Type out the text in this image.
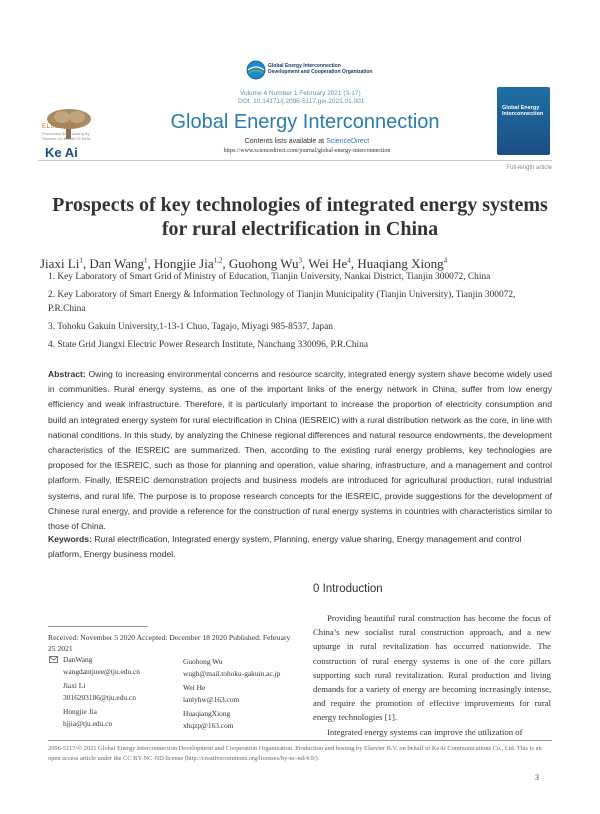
Global Energy Interconnection
Development and Cooperation Organization
ELSEVIER
Production And Hosting By Elsevier On Behalf Of KeAi
Ke Ai
Volume 4 Number 1 February 2021 (3-17)
DOI: 10.14171/j.2096-5117.gei.2021.01.001
Global Energy Interconnection
Contents lists available at ScienceDirect
https://www.sciencedirect.com/journal/global-energy-interconnection
Global Energy Interconnection
Full-length article
Prospects of key technologies of integrated energy systems
for rural electrification in China
Jiaxi Li$^1$, Dan Wang$^1$, Hongjie Jia$^{1,2}$, Guohong Wu$^3$, Wei He$^4$, Huaqiang Xiong$^4$
1. Key Laboratory of Smart Grid of Ministry of Education, Tianjin University, Nankai District, Tianjin 300072, China
2. Key Laboratory of Smart Energy & Information Technology of Tianjin Municipality (Tianjin University), Tianjin 300072, P.R.China
3. Tohoku Gakuin University,1-13-1 Chuo, Tagajo, Miyagi 985-8537, Japan
4. State Grid Jiangxi Electric Power Research Institute, Nanchang 330096, P.R.China
Abstract: Owing to increasing environmental concerns and resource scarcity, integrated energy system shave become widely used in communities. Rural energy systems, as one of the important links of the energy network in China, suffer from low energy efficiency and weak infrastructure. Therefore, it is particularly important to increase the proportion of electricity consumption and build an integrated energy system for rural electrification in China (IESREIC) with a rural distribution network as the core, in line with national conditions. In this study, by analyzing the Chinese regional differences and natural resource endowments, the development characteristics of the IESREIC are summarized. Then, according to the existing rural energy problems, key technologies are proposed for the IESREIC, such as those for planning and operation, value sharing, infrastructure, and a management and control platform. Finally, IESREIC demonstration projects and business models are introduced for agricultural production, rural industrial systems, and rural life. The purpose is to propose research concepts for the IESREIC, provide suggestions for the development of Chinese rural energy, and provide a reference for the construction of rural energy systems in countries with characteristics similar to those of China.
Keywords: Rural electrification, Integrated energy system, Planning, energy value sharing, Energy management and control platform, Energy business model.
0 Introduction
Providing beautiful rural construction has become the focus of China’s new socialist rural construction approach, and a new upsurge in rural revitalization has occurred nationwide. The construction of rural energy systems is one of the core pillars supporting such rural revitalization. Rural production and living demands for a variety of energy are becoming increasingly intense, and require the promotion of effective improvements for rural energy technologies [1].
Integrated energy systems can improve the utilization of
Received: November 5 2020 Accepted: December 18 2020 Published: February 25 2021
DanWang
wangdantjuee@tju.edu.cn
Guohong Wu
wugh@mail.tohoku-gakuin.ac.jp
Jiaxi Li
3016203186@tju.edu.cn
Wei He
lanlyhw@163.com
Hongjie Jia
hjjia@tju.edu.cn
HuaqiangXiong
xhqzp@163.com
2096-5117/© 2021 Global Energy Interconnection Development and Cooperation Organization. Production and hosting by Elsevier B.V. on behalf of KeAi Communications Co., Ltd. This is an open access article under the CC BY-NC-ND license (http://creativecommons.org/licenses/by-nc-nd/4.0/).
3
